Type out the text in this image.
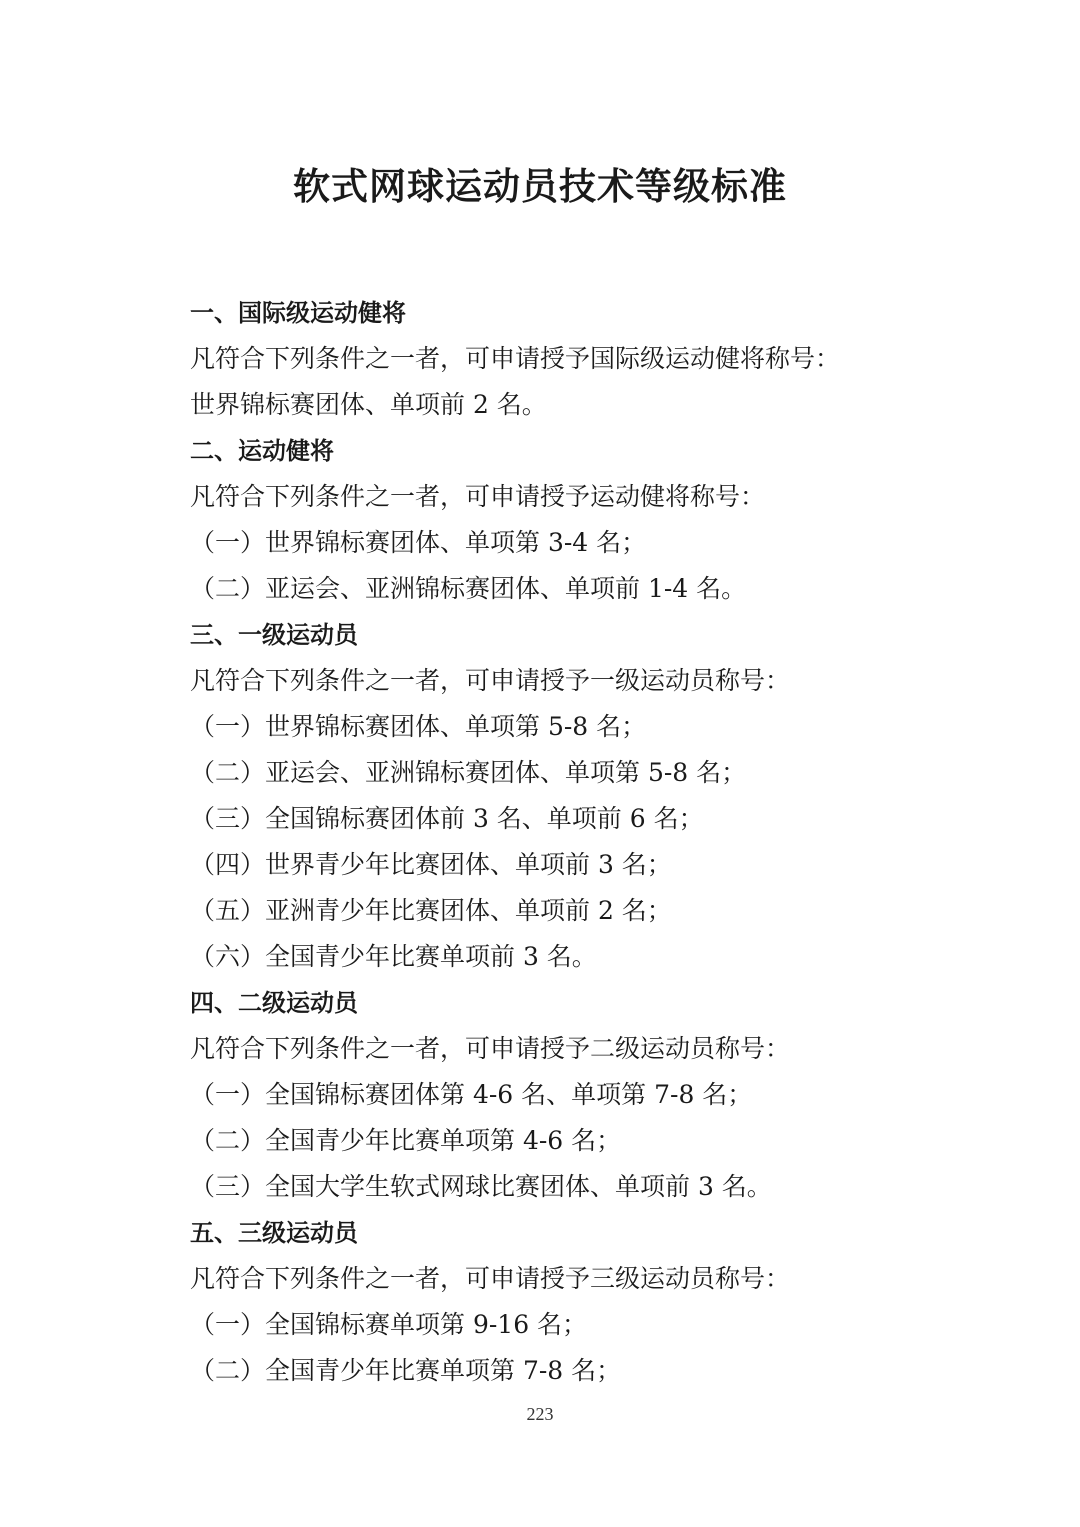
软式网球运动员技术等级标准
一、国际级运动健将
凡符合下列条件之一者，可申请授予国际级运动健将称号：
世界锦标赛团体、单项前 2 名。
二、运动健将
凡符合下列条件之一者，可申请授予运动健将称号：
（一）世界锦标赛团体、单项第 3-4 名；
（二）亚运会、亚洲锦标赛团体、单项前 1-4 名。
三、一级运动员
凡符合下列条件之一者，可申请授予一级运动员称号：
（一）世界锦标赛团体、单项第 5-8 名；
（二）亚运会、亚洲锦标赛团体、单项第 5-8 名；
（三）全国锦标赛团体前 3 名、单项前 6 名；
（四）世界青少年比赛团体、单项前 3 名；
（五）亚洲青少年比赛团体、单项前 2 名；
（六）全国青少年比赛单项前 3 名。
四、二级运动员
凡符合下列条件之一者，可申请授予二级运动员称号：
（一）全国锦标赛团体第 4-6 名、单项第 7-8 名；
（二）全国青少年比赛单项第 4-6 名；
（三）全国大学生软式网球比赛团体、单项前 3 名。
五、三级运动员
凡符合下列条件之一者，可申请授予三级运动员称号：
（一）全国锦标赛单项第 9-16 名；
（二）全国青少年比赛单项第 7-8 名；
223
